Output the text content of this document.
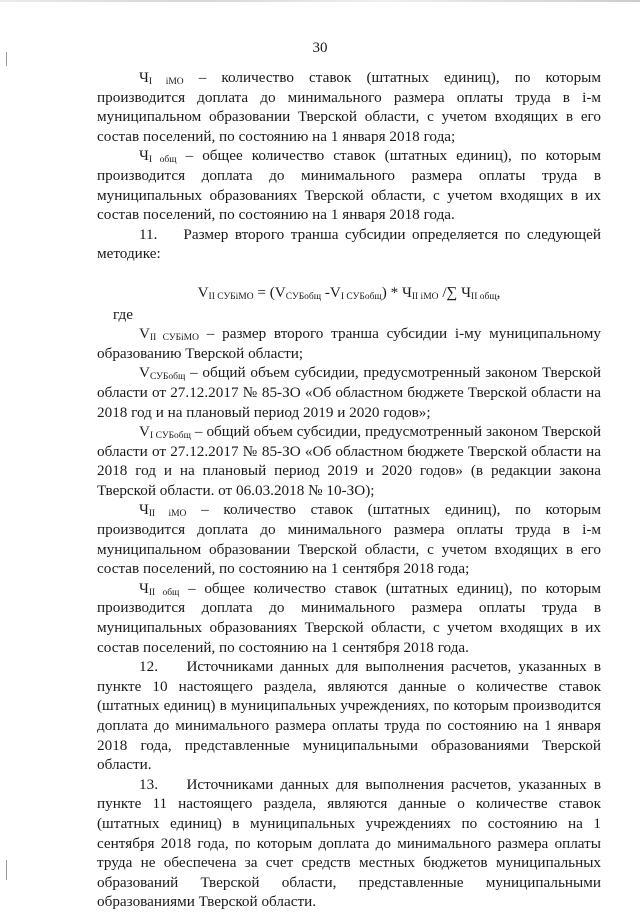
30

$Ч_{I iMO}$ – количество ставок (штатных единиц), по которым производится доплата до минимального размера оплаты труда в i-м муниципальном образовании Тверской области, с учетом входящих в его состав поселений, по состоянию на 1 января 2018 года;

$Ч_{I общ}$ – общее количество ставок (штатных единиц), по которым производится доплата до минимального размера оплаты труда в муниципальных образованиях Тверской области, с учетом входящих в их состав поселений, по состоянию на 1 января 2018 года.

11.    Размер второго транша субсидии определяется по следующей методике:

$V_{II СУБiМО} = (V_{СУБобщ}$ $-V_{I СУБобщ}) * Ч_{II iМО}$ /∑ $Ч_{II общ}$,

где

$V_{II СУБiМО}$ – размер второго транша субсидии i-му муниципальному образованию Тверской области;

$V_{СУБобщ}$ – общий объем субсидии, предусмотренный законом Тверской области от 27.12.2017 № 85-ЗО «Об областном бюджете Тверской области на 2018 год и на плановый период 2019 и 2020 годов»;

$V_{I СУБобщ}$ – общий объем субсидии, предусмотренный законом Тверской области от 27.12.2017 № 85-ЗО «Об областном бюджете Тверской области на 2018 год и на плановый период 2019 и 2020 годов» (в редакции закона Тверской области. от 06.03.2018 № 10-ЗО);

$Ч_{II iМО}$ – количество ставок (штатных единиц), по которым производится доплата до минимального размера оплаты труда в i-м муниципальном образовании Тверской области, с учетом входящих в его состав поселений, по состоянию на 1 сентября 2018 года;

$Ч_{II общ}$ – общее количество ставок (штатных единиц), по которым производится доплата до минимального размера оплаты труда в муниципальных образованиях Тверской области, с учетом входящих в их состав поселений, по состоянию на 1 сентября 2018 года.

12.    Источниками данных для выполнения расчетов, указанных в пункте 10 настоящего раздела, являются данные о количестве ставок (штатных единиц) в муниципальных учреждениях, по которым производится доплата до минимального размера оплаты труда по состоянию на 1 января 2018 года, представленные муниципальными образованиями Тверской области.

13.    Источниками данных для выполнения расчетов, указанных в пункте 11 настоящего раздела, являются данные о количестве ставок (штатных единиц) в муниципальных учреждениях по состоянию на 1 сентября 2018 года, по которым доплата до минимального размера оплаты труда не обеспечена за счет средств местных бюджетов муниципальных образований Тверской области, представленные муниципальными образованиями Тверской области.
